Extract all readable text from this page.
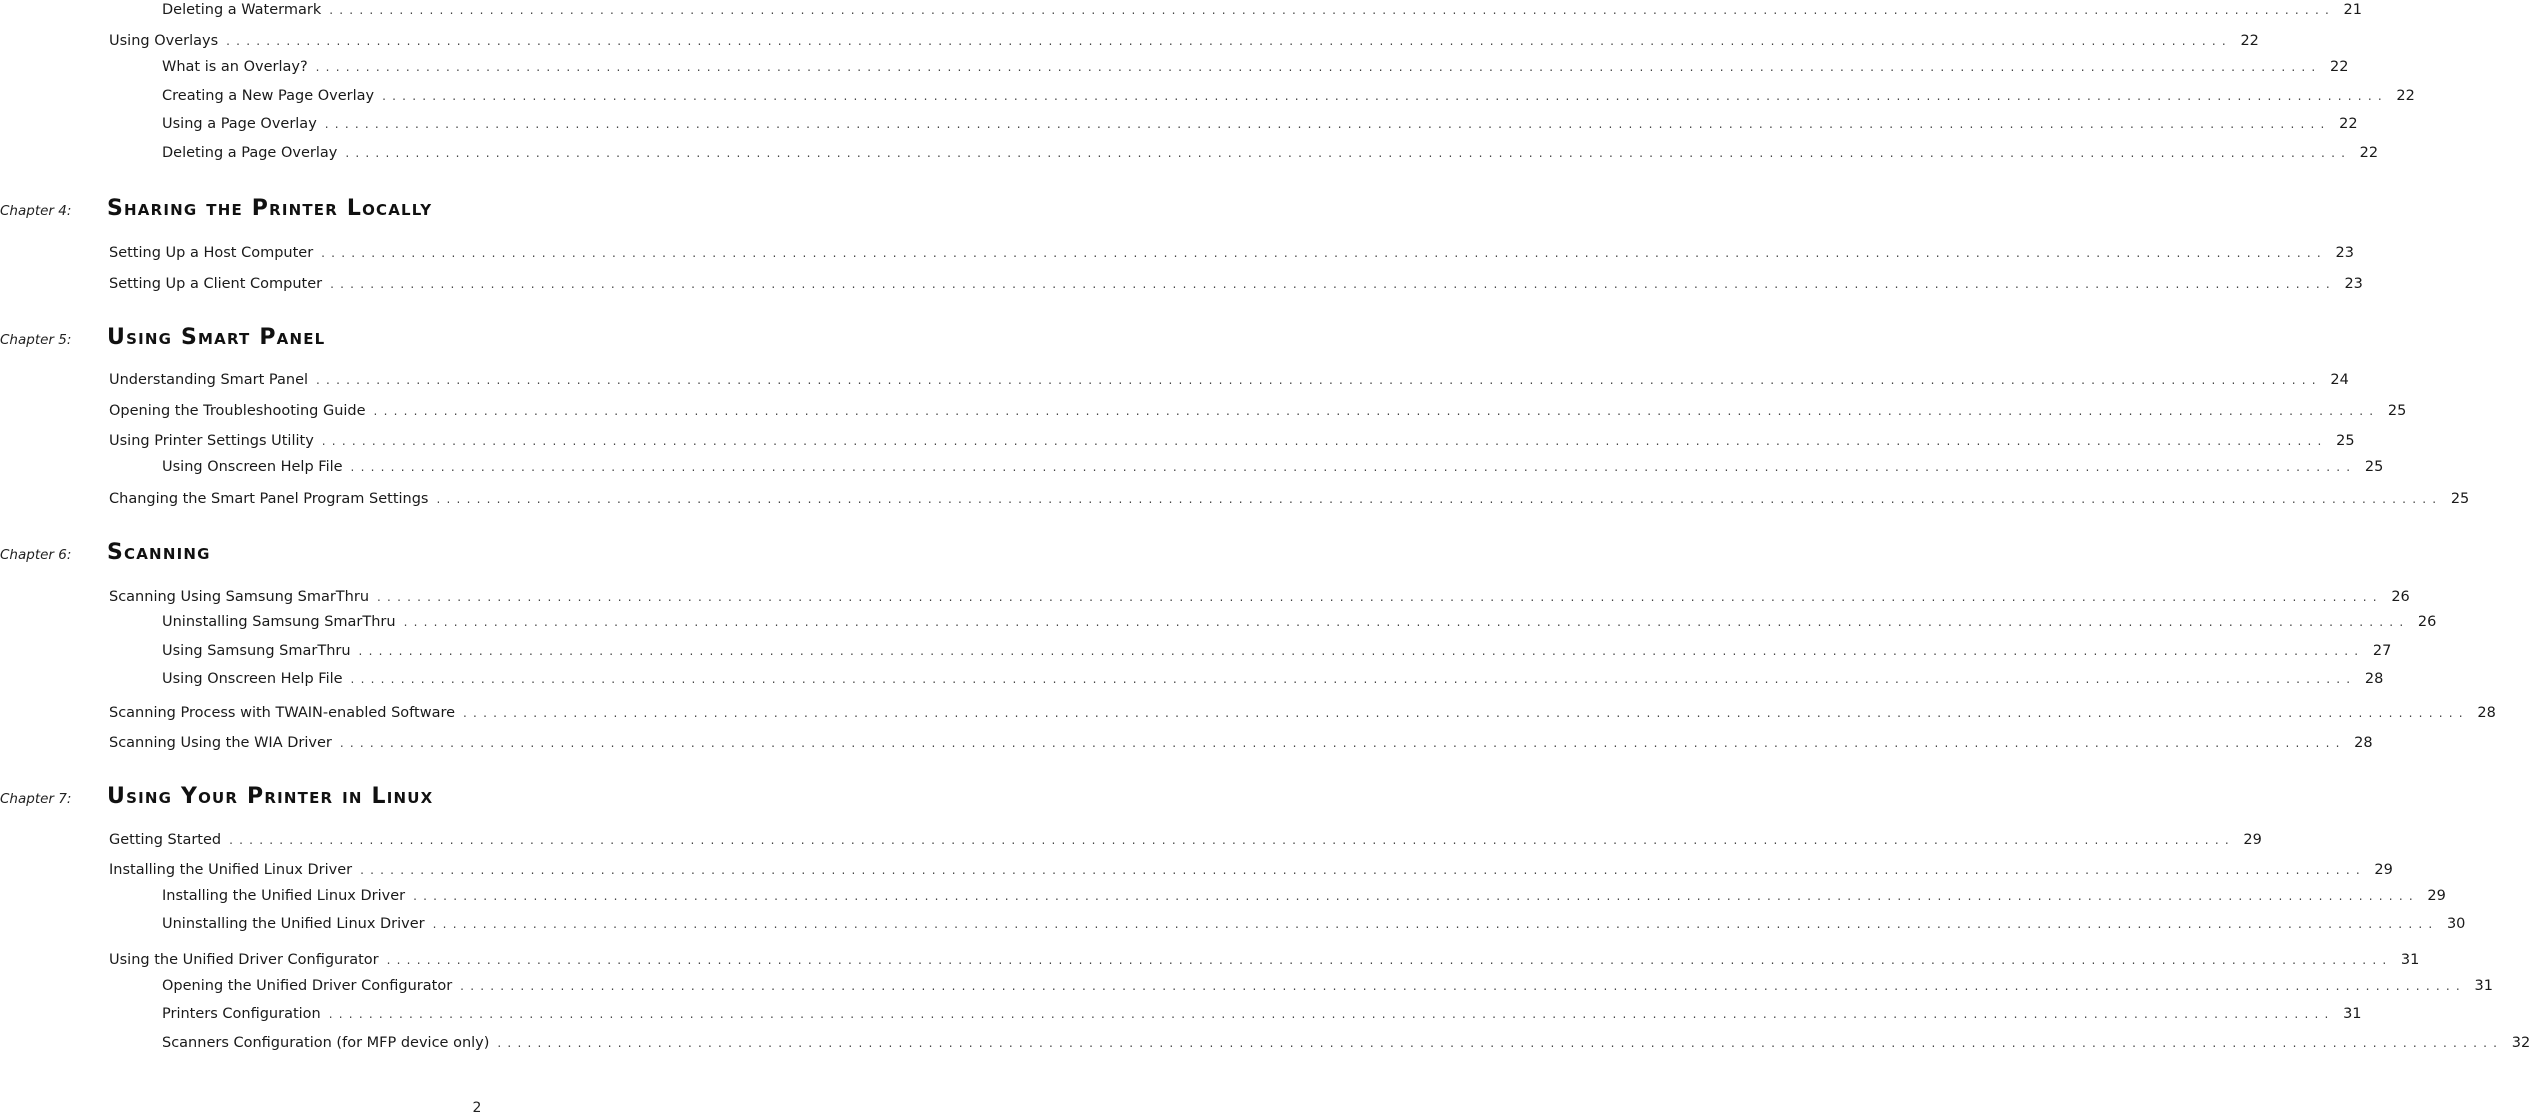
Deleting a Watermark . . . . . . . . . . . . . . . . . . . . . . . . . . . . . . . . . . . . . . . . . . . . . . . . . . . . . . . . . . . . . . . . . . . . . . . . . . . . . . . . . . . . . . . . . . . . . . . . . . . . . . . . . . . . . . . . . . . . . . . . . . . . . . . . . . . . . . . . . . . . . . . . . . . . . . . . . . . . . . . . . . . . . . . . . . . . . . . . . . . . . . . . . . . . . . . . . . . . . . . . 21
Using Overlays . . . . . . . . . . . . . . . . . . . . . . . . . . . . . . . . . . . . . . . . . . . . . . . . . . . . . . . . . . . . . . . . . . . . . . . . . . . . . . . . . . . . . . . . . . . . . . . . . . . . . . . . . . . . . . . . . . . . . . . . . . . . . . . . . . . . . . . . . . . . . . . . . . . . . . . . . . . . . . . . . . . . . . . . . . . . . . . . . . . . . . . . . . . . . . . . . . . . . . . . 22
What is an Overlay? . . . . . . . . . . . . . . . . . . . . . . . . . . . . . . . . . . . . . . . . . . . . . . . . . . . . . . . . . . . . . . . . . . . . . . . . . . . . . . . . . . . . . . . . . . . . . . . . . . . . . . . . . . . . . . . . . . . . . . . . . . . . . . . . . . . . . . . . . . . . . . . . . . . . . . . . . . . . . . . . . . . . . . . . . . . . . . . . . . . . . . . . . . . . . . . . . . . . . . . . 22
Creating a New Page Overlay . . . . . . . . . . . . . . . . . . . . . . . . . . . . . . . . . . . . . . . . . . . . . . . . . . . . . . . . . . . . . . . . . . . . . . . . . . . . . . . . . . . . . . . . . . . . . . . . . . . . . . . . . . . . . . . . . . . . . . . . . . . . . . . . . . . . . . . . . . . . . . . . . . . . . . . . . . . . . . . . . . . . . . . . . . . . . . . . . . . . . . . . . . . . . . . . . . . . . . . . 22
Using a Page Overlay . . . . . . . . . . . . . . . . . . . . . . . . . . . . . . . . . . . . . . . . . . . . . . . . . . . . . . . . . . . . . . . . . . . . . . . . . . . . . . . . . . . . . . . . . . . . . . . . . . . . . . . . . . . . . . . . . . . . . . . . . . . . . . . . . . . . . . . . . . . . . . . . . . . . . . . . . . . . . . . . . . . . . . . . . . . . . . . . . . . . . . . . . . . . . . . . . . . . . . . . 22
Deleting a Page Overlay . . . . . . . . . . . . . . . . . . . . . . . . . . . . . . . . . . . . . . . . . . . . . . . . . . . . . . . . . . . . . . . . . . . . . . . . . . . . . . . . . . . . . . . . . . . . . . . . . . . . . . . . . . . . . . . . . . . . . . . . . . . . . . . . . . . . . . . . . . . . . . . . . . . . . . . . . . . . . . . . . . . . . . . . . . . . . . . . . . . . . . . . . . . . . . . . . . . . . . . . 22
Chapter 4:	Sharing the Printer Locally
Setting Up a Host Computer . . . . . . . . . . . . . . . . . . . . . . . . . . . . . . . . . . . . . . . . . . . . . . . . . . . . . . . . . . . . . . . . . . . . . . . . . . . . . . . . . . . . . . . . . . . . . . . . . . . . . . . . . . . . . . . . . . . . . . . . . . . . . . . . . . . . . . . . . . . . . . . . . . . . . . . . . . . . . . . . . . . . . . . . . . . . . . . . . . . . . . . . . . . . . . . . . . . . . . . . 23
Setting Up a Client Computer . . . . . . . . . . . . . . . . . . . . . . . . . . . . . . . . . . . . . . . . . . . . . . . . . . . . . . . . . . . . . . . . . . . . . . . . . . . . . . . . . . . . . . . . . . . . . . . . . . . . . . . . . . . . . . . . . . . . . . . . . . . . . . . . . . . . . . . . . . . . . . . . . . . . . . . . . . . . . . . . . . . . . . . . . . . . . . . . . . . . . . . . . . . . . . . . . . . . . . . . 23
Chapter 5:	Using Smart Panel
Understanding Smart Panel . . . . . . . . . . . . . . . . . . . . . . . . . . . . . . . . . . . . . . . . . . . . . . . . . . . . . . . . . . . . . . . . . . . . . . . . . . . . . . . . . . . . . . . . . . . . . . . . . . . . . . . . . . . . . . . . . . . . . . . . . . . . . . . . . . . . . . . . . . . . . . . . . . . . . . . . . . . . . . . . . . . . . . . . . . . . . . . . . . . . . . . . . . . . . . . . . . . . . . . . 24
Opening the Troubleshooting Guide . . . . . . . . . . . . . . . . . . . . . . . . . . . . . . . . . . . . . . . . . . . . . . . . . . . . . . . . . . . . . . . . . . . . . . . . . . . . . . . . . . . . . . . . . . . . . . . . . . . . . . . . . . . . . . . . . . . . . . . . . . . . . . . . . . . . . . . . . . . . . . . . . . . . . . . . . . . . . . . . . . . . . . . . . . . . . . . . . . . . . . . . . . . . . . . . . . . . . . . . 25
Using Printer Settings Utility . . . . . . . . . . . . . . . . . . . . . . . . . . . . . . . . . . . . . . . . . . . . . . . . . . . . . . . . . . . . . . . . . . . . . . . . . . . . . . . . . . . . . . . . . . . . . . . . . . . . . . . . . . . . . . . . . . . . . . . . . . . . . . . . . . . . . . . . . . . . . . . . . . . . . . . . . . . . . . . . . . . . . . . . . . . . . . . . . . . . . . . . . . . . . . . . . . . . . . . . 25
Using Onscreen Help File . . . . . . . . . . . . . . . . . . . . . . . . . . . . . . . . . . . . . . . . . . . . . . . . . . . . . . . . . . . . . . . . . . . . . . . . . . . . . . . . . . . . . . . . . . . . . . . . . . . . . . . . . . . . . . . . . . . . . . . . . . . . . . . . . . . . . . . . . . . . . . . . . . . . . . . . . . . . . . . . . . . . . . . . . . . . . . . . . . . . . . . . . . . . . . . . . . . . . . . . 25
Changing the Smart Panel Program Settings . . . . . . . . . . . . . . . . . . . . . . . . . . . . . . . . . . . . . . . . . . . . . . . . . . . . . . . . . . . . . . . . . . . . . . . . . . . . . . . . . . . . . . . . . . . . . . . . . . . . . . . . . . . . . . . . . . . . . . . . . . . . . . . . . . . . . . . . . . . . . . . . . . . . . . . . . . . . . . . . . . . . . . . . . . . . . . . . . . . . . . . . . . . . . . . . . . . . . . . . 25
Chapter 6:	Scanning
Scanning Using Samsung SmarThru . . . . . . . . . . . . . . . . . . . . . . . . . . . . . . . . . . . . . . . . . . . . . . . . . . . . . . . . . . . . . . . . . . . . . . . . . . . . . . . . . . . . . . . . . . . . . . . . . . . . . . . . . . . . . . . . . . . . . . . . . . . . . . . . . . . . . . . . . . . . . . . . . . . . . . . . . . . . . . . . . . . . . . . . . . . . . . . . . . . . . . . . . . . . . . . . . . . . . . . . 26
Uninstalling Samsung SmarThru . . . . . . . . . . . . . . . . . . . . . . . . . . . . . . . . . . . . . . . . . . . . . . . . . . . . . . . . . . . . . . . . . . . . . . . . . . . . . . . . . . . . . . . . . . . . . . . . . . . . . . . . . . . . . . . . . . . . . . . . . . . . . . . . . . . . . . . . . . . . . . . . . . . . . . . . . . . . . . . . . . . . . . . . . . . . . . . . . . . . . . . . . . . . . . . . . . . . . . . . 26
Using Samsung SmarThru . . . . . . . . . . . . . . . . . . . . . . . . . . . . . . . . . . . . . . . . . . . . . . . . . . . . . . . . . . . . . . . . . . . . . . . . . . . . . . . . . . . . . . . . . . . . . . . . . . . . . . . . . . . . . . . . . . . . . . . . . . . . . . . . . . . . . . . . . . . . . . . . . . . . . . . . . . . . . . . . . . . . . . . . . . . . . . . . . . . . . . . . . . . . . . . . . . . . . . . . 27
Using Onscreen Help File . . . . . . . . . . . . . . . . . . . . . . . . . . . . . . . . . . . . . . . . . . . . . . . . . . . . . . . . . . . . . . . . . . . . . . . . . . . . . . . . . . . . . . . . . . . . . . . . . . . . . . . . . . . . . . . . . . . . . . . . . . . . . . . . . . . . . . . . . . . . . . . . . . . . . . . . . . . . . . . . . . . . . . . . . . . . . . . . . . . . . . . . . . . . . . . . . . . . . . . . 28
Scanning Process with TWAIN-enabled Software . . . . . . . . . . . . . . . . . . . . . . . . . . . . . . . . . . . . . . . . . . . . . . . . . . . . . . . . . . . . . . . . . . . . . . . . . . . . . . . . . . . . . . . . . . . . . . . . . . . . . . . . . . . . . . . . . . . . . . . . . . . . . . . . . . . . . . . . . . . . . . . . . . . . . . . . . . . . . . . . . . . . . . . . . . . . . . . . . . . . . . . . . . . . . . . . . . . . . . . . 28
Scanning Using the WIA Driver . . . . . . . . . . . . . . . . . . . . . . . . . . . . . . . . . . . . . . . . . . . . . . . . . . . . . . . . . . . . . . . . . . . . . . . . . . . . . . . . . . . . . . . . . . . . . . . . . . . . . . . . . . . . . . . . . . . . . . . . . . . . . . . . . . . . . . . . . . . . . . . . . . . . . . . . . . . . . . . . . . . . . . . . . . . . . . . . . . . . . . . . . . . . . . . . . . . . . . . . 28
Chapter 7:	Using Your Printer in Linux
Getting Started . . . . . . . . . . . . . . . . . . . . . . . . . . . . . . . . . . . . . . . . . . . . . . . . . . . . . . . . . . . . . . . . . . . . . . . . . . . . . . . . . . . . . . . . . . . . . . . . . . . . . . . . . . . . . . . . . . . . . . . . . . . . . . . . . . . . . . . . . . . . . . . . . . . . . . . . . . . . . . . . . . . . . . . . . . . . . . . . . . . . . . . . . . . . . . . . . . . . . . . . 29
Installing the Unified Linux Driver . . . . . . . . . . . . . . . . . . . . . . . . . . . . . . . . . . . . . . . . . . . . . . . . . . . . . . . . . . . . . . . . . . . . . . . . . . . . . . . . . . . . . . . . . . . . . . . . . . . . . . . . . . . . . . . . . . . . . . . . . . . . . . . . . . . . . . . . . . . . . . . . . . . . . . . . . . . . . . . . . . . . . . . . . . . . . . . . . . . . . . . . . . . . . . . . . . . . . . . . 29
Installing the Unified Linux Driver . . . . . . . . . . . . . . . . . . . . . . . . . . . . . . . . . . . . . . . . . . . . . . . . . . . . . . . . . . . . . . . . . . . . . . . . . . . . . . . . . . . . . . . . . . . . . . . . . . . . . . . . . . . . . . . . . . . . . . . . . . . . . . . . . . . . . . . . . . . . . . . . . . . . . . . . . . . . . . . . . . . . . . . . . . . . . . . . . . . . . . . . . . . . . . . . . . . . . . . . 29
Uninstalling the Unified Linux Driver . . . . . . . . . . . . . . . . . . . . . . . . . . . . . . . . . . . . . . . . . . . . . . . . . . . . . . . . . . . . . . . . . . . . . . . . . . . . . . . . . . . . . . . . . . . . . . . . . . . . . . . . . . . . . . . . . . . . . . . . . . . . . . . . . . . . . . . . . . . . . . . . . . . . . . . . . . . . . . . . . . . . . . . . . . . . . . . . . . . . . . . . . . . . . . . . . . . . . . . . 30
Using the Unified Driver Configurator . . . . . . . . . . . . . . . . . . . . . . . . . . . . . . . . . . . . . . . . . . . . . . . . . . . . . . . . . . . . . . . . . . . . . . . . . . . . . . . . . . . . . . . . . . . . . . . . . . . . . . . . . . . . . . . . . . . . . . . . . . . . . . . . . . . . . . . . . . . . . . . . . . . . . . . . . . . . . . . . . . . . . . . . . . . . . . . . . . . . . . . . . . . . . . . . . . . . . . . . 31
Opening the Unified Driver Configurator . . . . . . . . . . . . . . . . . . . . . . . . . . . . . . . . . . . . . . . . . . . . . . . . . . . . . . . . . . . . . . . . . . . . . . . . . . . . . . . . . . . . . . . . . . . . . . . . . . . . . . . . . . . . . . . . . . . . . . . . . . . . . . . . . . . . . . . . . . . . . . . . . . . . . . . . . . . . . . . . . . . . . . . . . . . . . . . . . . . . . . . . . . . . . . . . . . . . . . . . 31
Printers Configuration . . . . . . . . . . . . . . . . . . . . . . . . . . . . . . . . . . . . . . . . . . . . . . . . . . . . . . . . . . . . . . . . . . . . . . . . . . . . . . . . . . . . . . . . . . . . . . . . . . . . . . . . . . . . . . . . . . . . . . . . . . . . . . . . . . . . . . . . . . . . . . . . . . . . . . . . . . . . . . . . . . . . . . . . . . . . . . . . . . . . . . . . . . . . . . . . . . . . . . . . 31
Scanners Configuration (for MFP device only) . . . . . . . . . . . . . . . . . . . . . . . . . . . . . . . . . . . . . . . . . . . . . . . . . . . . . . . . . . . . . . . . . . . . . . . . . . . . . . . . . . . . . . . . . . . . . . . . . . . . . . . . . . . . . . . . . . . . . . . . . . . . . . . . . . . . . . . . . . . . . . . . . . . . . . . . . . . . . . . . . . . . . . . . . . . . . . . . . . . . . . . . . . . . . . . . . . . . . . . . 32
2
